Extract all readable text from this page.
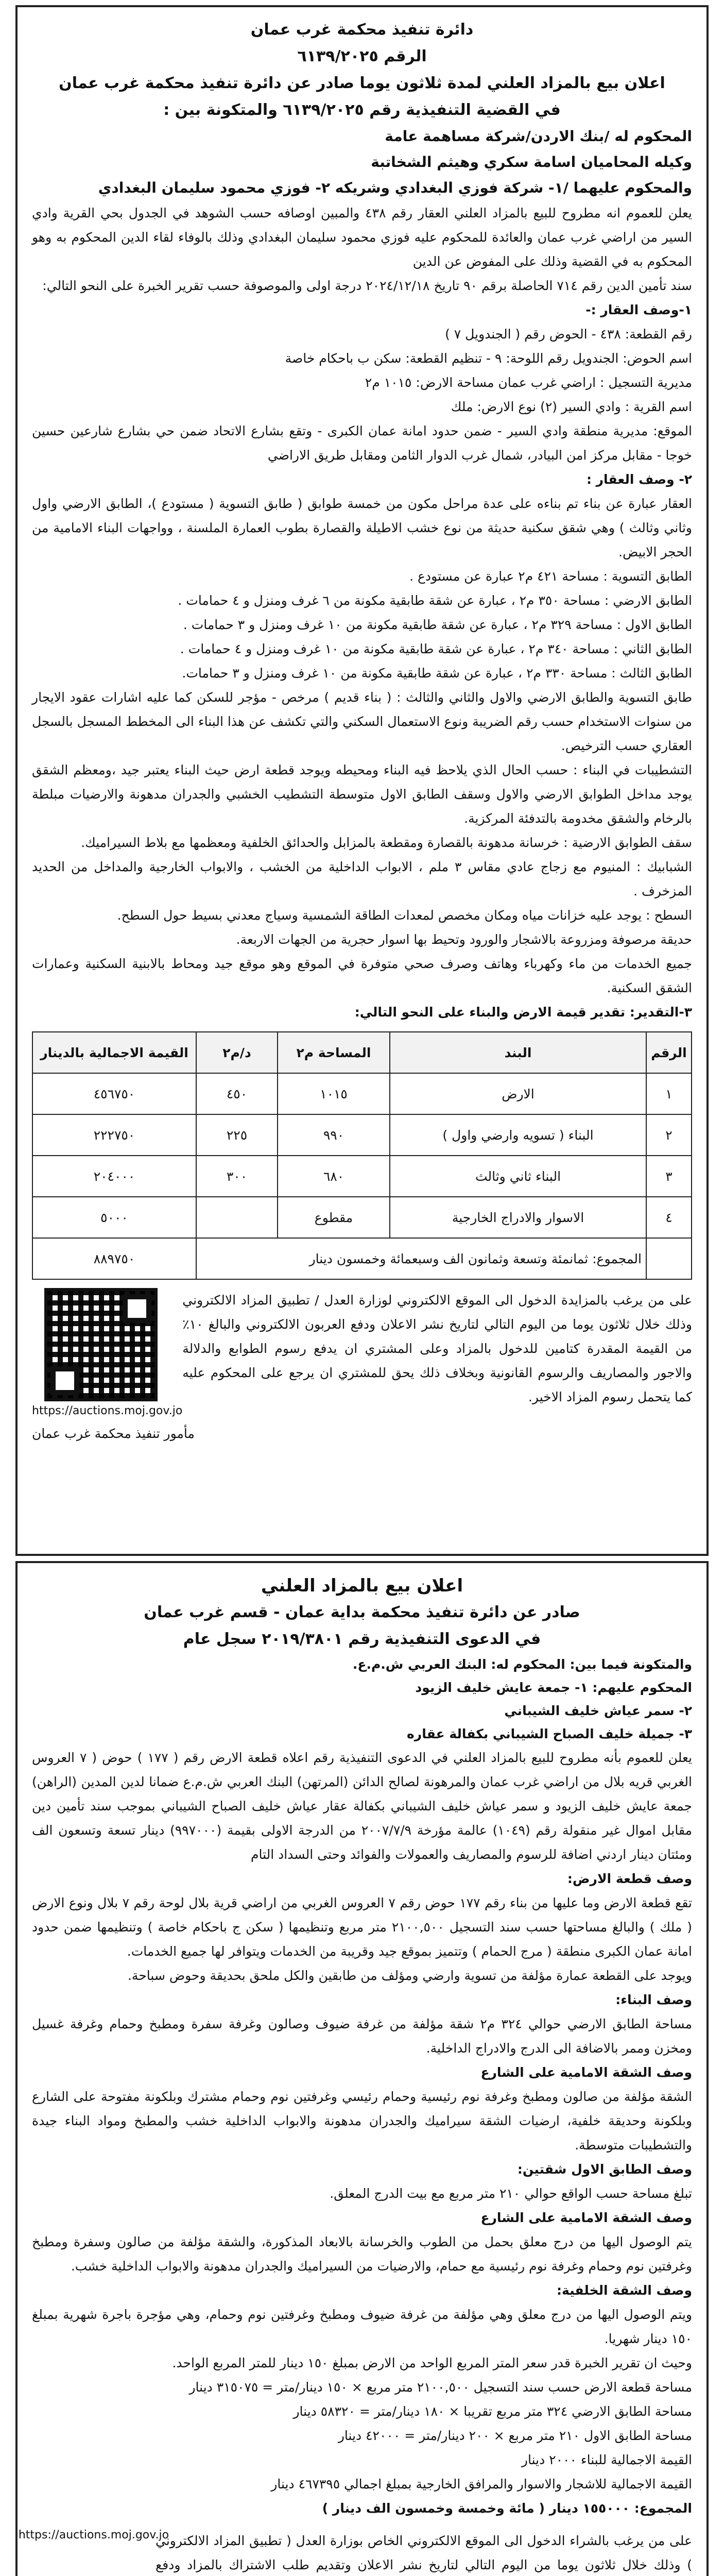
دائرة تنفيذ محكمة غرب عمان

الرقم ٦١٣٩/٢٠٢٥

اعلان بيع بالمزاد العلني لمدة ثلاثون يوما صادر عن دائرة تنفيذ محكمة غرب عمان

في القضية التنفيذية رقم ٦١٣٩/٢٠٢٥ والمتكونة بين :

المحكوم له /بنك الاردن/شركة مساهمة عامة

وكيله المحاميان اسامة سكري وهيثم الشخاتبة

والمحكوم عليهما /١- شركة فوزي البغدادي وشريكه ٢- فوزي محمود سليمان البغدادي

يعلن للعموم انه مطروح للبيع بالمزاد العلني العقار رقم ٤٣٨ والمبين اوصافه حسب الشوهد في الجدول بحي القرية وادي السير من اراضي غرب عمان والعائدة للمحكوم عليه فوزي محمود سليمان البغدادي وذلك بالوفاء لقاء الدين المحكوم به وهو المحكوم به في القضية وذلك على المفوض عن الدين

سند تأمين الدين رقم ٧١٤ الحاصلة برقم ٩٠ تاريخ ٢٠٢٤/١٢/١٨ درجة اولى والموصوفة حسب تقرير الخبرة على النحو التالي:

١-وصف العقار :-

رقم القطعة: ٤٣٨ - الحوض رقم ( الجندويل ٧ )

اسم الحوض: الجندويل رقم اللوحة: ٩ - تنظيم القطعة: سكن ب باحكام خاصة

مديرية التسجيل : اراضي غرب عمان مساحة الارض: ١٠١٥ م٢

اسم القرية : وادي السير (٢) نوع الارض: ملك

الموقع: مديرية منطقة وادي السير - ضمن حدود امانة عمان الكبرى - وتقع بشارع الاتحاد ضمن حي بشارع شارعين حسين خوجا - مقابل مركز امن البيادر، شمال غرب الدوار الثامن ومقابل طريق الاراضي

٢- وصف العقار :

العقار عبارة عن بناء تم بناءه على عدة مراحل مكون من خمسة طوابق ( طابق التسوية ( مستودع )، الطابق الارضي واول وثاني وثالث ) وهي شقق سكنية حديثة من نوع خشب الاطيلة والقصارة بطوب العمارة الملسنة ، وواجهات البناء الامامية من الحجر الابيض.

الطابق التسوية : مساحة ٤٢١ م٢ عبارة عن مستودع .

الطابق الارضي : مساحة ٣٥٠ م٢ ، عبارة عن شقة طابقية مكونة من ٦ غرف ومنزل و ٤ حمامات .

الطابق الاول : مساحة ٣٢٩ م٢ ، عبارة عن شقة طابقية مكونة من ١٠ غرف ومنزل و ٣ حمامات .

الطابق الثاني : مساحة ٣٤٠ م٢ ، عبارة عن شقة طابقية مكونة من ١٠ غرف ومنزل و ٤ حمامات .

الطابق الثالث : مساحة ٣٣٠ م٢ ، عبارة عن شقة طابقية مكونة من ١٠ غرف ومنزل و ٣ حمامات.

طابق التسوية والطابق الارضي والاول والثاني والثالث : ( بناء قديم ) مرخص - مؤجر للسكن كما عليه اشارات عقود الايجار من سنوات الاستخدام حسب رقم الضريبة ونوع الاستعمال السكني والتي تكشف عن هذا البناء الى المخطط المسجل بالسجل العقاري حسب الترخيص.

التشطيبات في البناء : حسب الحال الذي يلاحظ فيه البناء ومحيطه ويوجد قطعة ارض حيث البناء يعتبر جيد ،ومعظم الشقق يوجد مداخل الطوابق الارضي والاول وسقف الطابق الاول متوسطة التشطيب الخشبي والجدران مدهونة والارضيات مبلطة بالرخام والشقق مخدومة بالتدفئة المركزية.

سقف الطوابق الارضية : خرسانة مدهونة بالقصارة ومقطعة بالمزابل والحدائق الخلفية ومعظمها مع بلاط السيراميك.

الشبابيك : المنيوم مع زجاج عادي مقاس ٣ ملم ، الابواب الداخلية من الخشب ، والابواب الخارجية والمداخل من الحديد المزخرف .

السطح : يوجد عليه خزانات مياه ومكان مخصص لمعدات الطاقة الشمسية وسياج معدني بسيط حول السطح.

حديقة مرصوفة ومزروعة بالاشجار والورود وتحيط بها اسوار حجرية من الجهات الاربعة.

جميع الخدمات من ماء وكهرباء وهاتف وصرف صحي متوفرة في الموقع وهو موقع جيد ومحاط بالابنية السكنية وعمارات الشقق السكنية.

٣-التقدير: تقدير قيمة الارض والبناء على النحو التالي:

الرقم	البند	المساحة م٢	د/م٢	القيمة الاجمالية بالدينار
١	الارض	١٠١٥	٤٥٠	٤٥٦٧٥٠
٢	البناء ( تسويه وارضي واول )	٩٩٠	٢٢٥	٢٢٢٧٥٠
٣	البناء ثاني وثالث	٦٨٠	٣٠٠	٢٠٤٠٠٠
٤	الاسوار والادراج الخارجية	مقطوع		٥٠٠٠
	المجموع: ثمانمئة وتسعة وثمانون الف وسبعمائة وخمسون دينار			٨٨٩٧٥٠

على من يرغب بالمزايدة الدخول الى الموقع الالكتروني لوزارة العدل / تطبيق المزاد الالكتروني وذلك خلال ثلاثون يوما من اليوم التالي لتاريخ نشر الاعلان ودفع العربون الالكتروني والبالغ ١٠٪ من القيمة المقدرة كتامين للدخول بالمزاد وعلى المشتري ان يدفع رسوم الطوابع والدلالة والاجور والمصاريف والرسوم القانونية وبخلاف ذلك يحق للمشتري ان يرجع على المحكوم عليه كما يتحمل رسوم المزاد الاخير.

https://auctions.moj.gov.jo

مأمور تنفيذ محكمة غرب عمان

اعلان بيع بالمزاد العلني

صادر عن دائرة تنفيذ محكمة بداية عمان - قسم غرب عمان

في الدعوى التنفيذية رقم ٢٠١٩/٣٨٠١ سجل عام

والمتكونة فيما بين: المحكوم له: البنك العربي ش.م.ع.

المحكوم عليهم: ١- جمعة عايش خليف الزيود

٢- سمر عياش خليف الشيباني

٣- جميلة خليف الصباح الشيباني بكفالة عقاره

يعلن للعموم بأنه مطروح للبيع بالمزاد العلني في الدعوى التنفيذية رقم اعلاه قطعة الارض رقم ( ١٧٧ ) حوض ( ٧ العروس الغربي قريه بلال من اراضي غرب عمان والمرهونة لصالح الدائن (المرتهن) البنك العربي ش.م.ع ضمانا لدين المدين (الراهن) جمعة عايش خليف الزيود و سمر عياش خليف الشيباني بكفالة عقار عياش خليف الصباح الشيباني بموجب سند تأمين دين مقابل اموال غير منقولة رقم (١٠٤٩) عالمة مؤرخة ٢٠٠٧/٧/٩ من الدرجة الاولى بقيمة (٩٩٧٠٠٠) دينار تسعة وتسعون الف ومئتان دينار اردني اضافة للرسوم والمصاريف والعمولات والفوائد وحتى السداد التام

وصف قطعة الارض:

تقع قطعة الارض وما عليها من بناء رقم ١٧٧ حوض رقم ٧ العروس الغربي من اراضي قرية بلال لوحة رقم ٧ بلال ونوع الارض ( ملك ) والبالغ مساحتها حسب سند التسجيل ٢١٠٠,٥٠٠ متر مربع وتنظيمها ( سكن ج باحكام خاصة ) وتنظيمها ضمن حدود امانة عمان الكبرى منطقة ( مرج الحمام ) وتتميز بموقع جيد وقريبة من الخدمات ويتوافر لها جميع الخدمات.

ويوجد على القطعة عمارة مؤلفة من تسوية وارضي ومؤلف من طابقين والكل ملحق بحديقة وحوض سباحة.

وصف البناء:

مساحة الطابق الارضي حوالي ٣٢٤ م٢ شقة مؤلفة من غرفة ضيوف وصالون وغرفة سفرة ومطبخ وحمام وغرفة غسيل ومخزن وممر بالاضافة الى الدرج والادراج الداخلية.

وصف الشقة الامامية على الشارع

الشقة مؤلفة من صالون ومطبخ وغرفة نوم رئيسية وحمام رئيسي وغرفتين نوم وحمام مشترك وبلكونة مفتوحة على الشارع وبلكونة وحديقة خلفية، ارضيات الشقة سيراميك والجدران مدهونة والابواب الداخلية خشب والمطبخ ومواد البناء جيدة والتشطيبات متوسطة.

وصف الطابق الاول شقتين:

تبلغ مساحة حسب الواقع حوالي ٢١٠ متر مربع مع بيت الدرج المعلق.

وصف الشقة الامامية على الشارع

يتم الوصول اليها من درج معلق بحمل من الطوب والخرسانة بالابعاد المذكورة، والشقة مؤلفة من صالون وسفرة ومطبخ وغرفتين نوم وحمام وغرفة نوم رئيسية مع حمام، والارضيات من السيراميك والجدران مدهونة والابواب الداخلية خشب.

وصف الشقة الخلفية:

ويتم الوصول اليها من درج معلق وهي مؤلفة من غرفة ضيوف ومطبخ وغرفتين نوم وحمام، وهي مؤجرة باجرة شهرية بمبلغ ١٥٠ دينار شهريا.

وحيث ان تقرير الخبرة قدر سعر المتر المربع الواحد من الارض بمبلغ ١٥٠ دينار للمتر المربع الواحد.

مساحة قطعة الارض حسب سند التسجيل ٢١٠٠,٥٠٠ متر مربع × ١٥٠ دينار/متر = ٣١٥٠٧٥ دينار

مساحة الطابق الارضي ٣٢٤ متر مربع تقريبا × ١٨٠ دينار/متر = ٥٨٣٢٠ دينار

مساحة الطابق الاول ٢١٠ متر مربع × ٢٠٠ دينار/متر = ٤٢٠٠٠ دينار

القيمة الاجمالية للبناء ٢٠٠٠ دينار

القيمة الاجمالية للاشجار والاسوار والمرافق الخارجية بمبلغ اجمالي ٤٦٧٣٩٥ دينار

المجموع: ١٥٥٠٠٠ دينار ( مائة وخمسة وخمسون الف دينار )

على من يرغب بالشراء الدخول الى الموقع الالكتروني الخاص بوزارة العدل ( تطبيق المزاد الالكتروني ) وذلك خلال ثلاثون يوما من اليوم التالي لتاريخ نشر الاعلان وتقديم طلب الاشتراك بالمزاد ودفع

https://auctions.moj.gov.jo
